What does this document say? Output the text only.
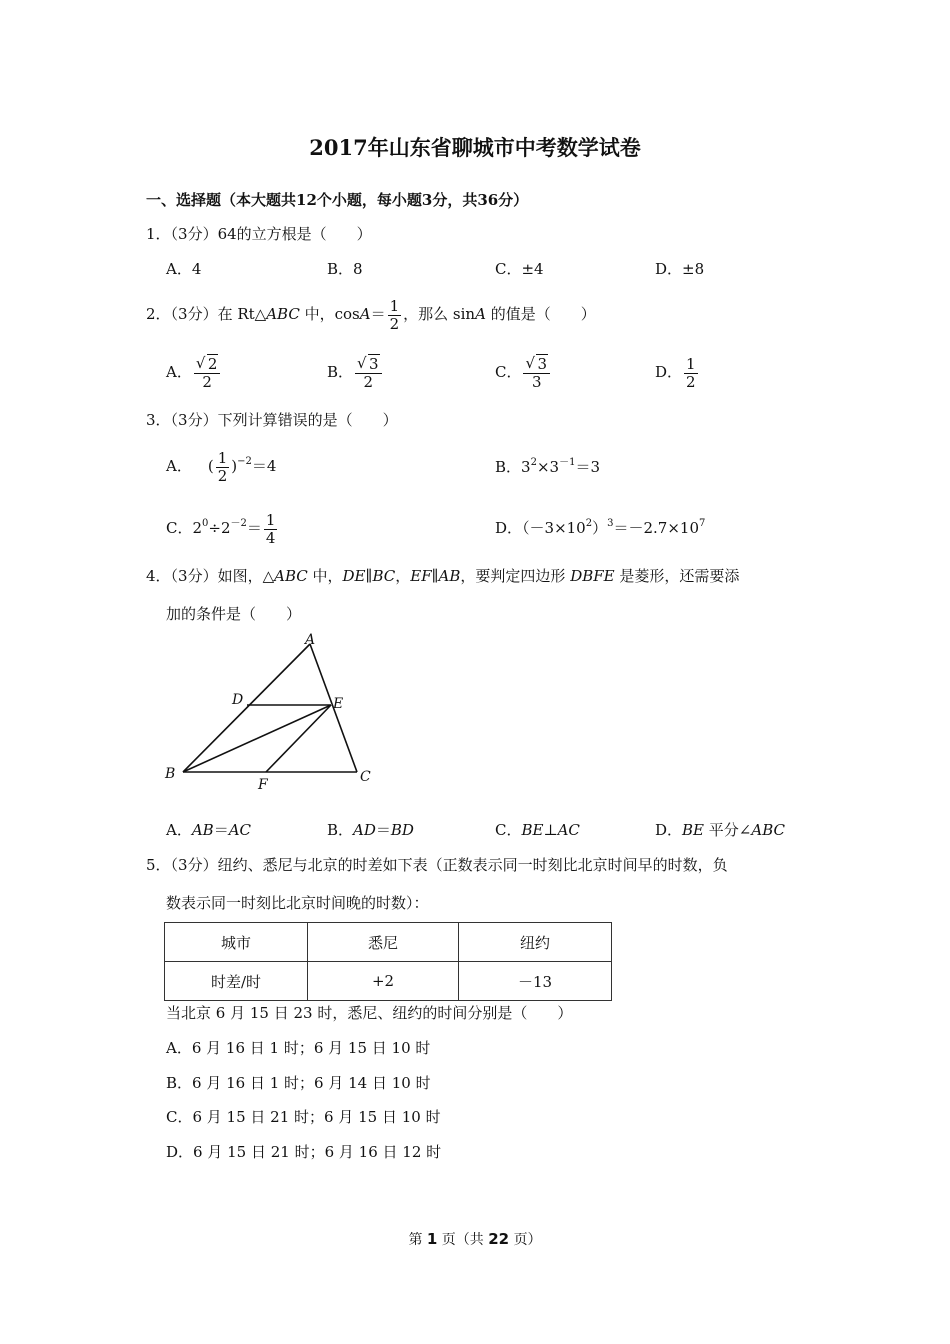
2017年山东省聊城市中考数学试卷
一、选择题（本大题共12个小题，每小题3分，共36分）
1．（3分）64的立方根是（　　）
A．4	B．8	C．±4	D．±8
2．（3分）在 Rt△ABC 中，$\cos A= \frac{1}{2}$ ，那么 sinA 的值是（　　）
A． $\frac{√ 2}{2}$	B． $\frac{√ 3}{2}$	C． $\frac{√ 3}{3}$	D． $\frac{1}{2}$
3．（3分）下列计算错误的是（　　）
A． ( $\frac{1}{2} )^{-2}=4$	B．$3^2\times 3^{-1}=3$
C．$2^0\div 2^{-2}= \frac{1}{4}$	D．$(-3\times 10^2)^3=-2.7\times 10^7$
4．（3分）如图，△ABC 中，DE∥BC，EF∥AB，要判定四边形 DBFE 是菱形，还需要添
加的条件是（　　）
A
D	E
B
F	C
A．AB＝AC	B．AD＝BD	C．BE⊥AC	D．BE 平分∠ABC
5．（3分）纽约、悉尼与北京的时差如下表（正数表示同一时刻比北京时间早的时数，负
数表示同一时刻比北京时间晚的时数）：
城市	悉尼	纽约
时差/时	+2	－13
当北京 6 月 15 日 23 时，悉尼、纽约的时间分别是（　　）
A．6 月 16 日 1 时；6 月 15 日 10 时
B．6 月 16 日 1 时；6 月 14 日 10 时
C．6 月 15 日 21 时；6 月 15 日 10 时
D．6 月 15 日 21 时；6 月 16 日 12 时
第 1 页（共 22 页）
